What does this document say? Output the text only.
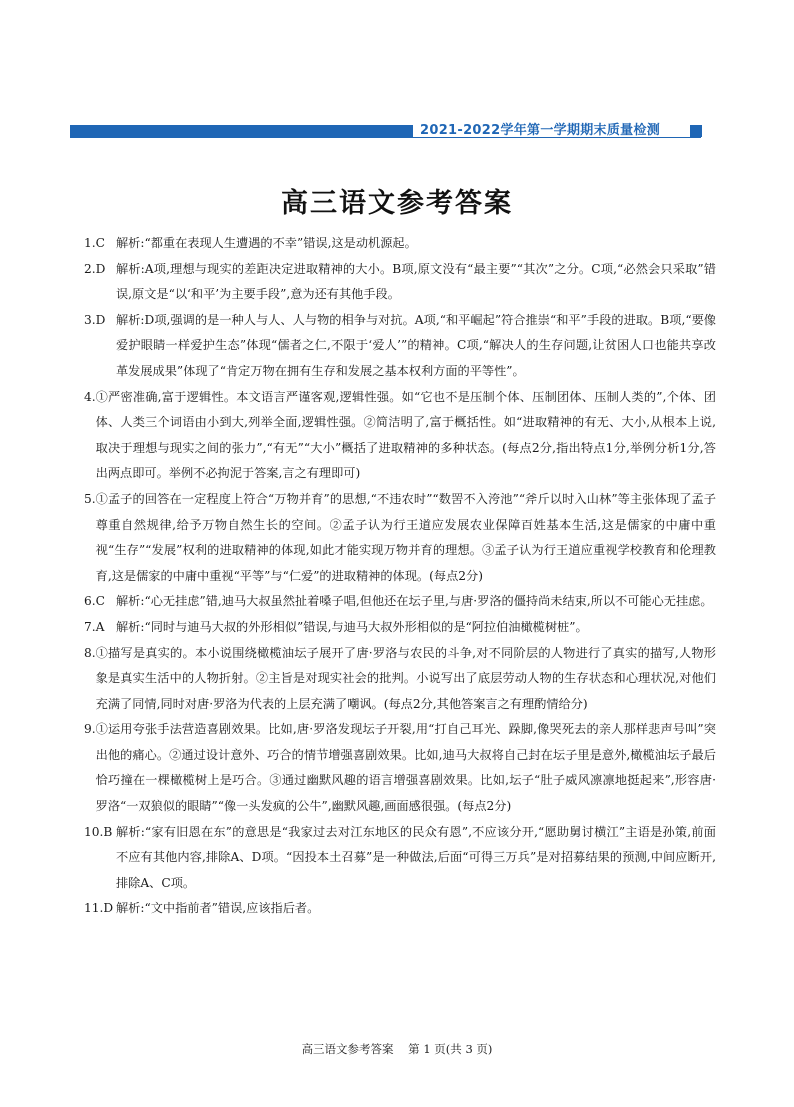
2021-2022学年第一学期期末质量检测
高三语文参考答案
1.C 解析:“都重在表现人生遭遇的不幸”错误,这是动机源起。
2.D 解析:A项,理想与现实的差距决定进取精神的大小。B项,原文没有“最主要”“其次”之分。C项,“必然会只采取”错误,原文是“以‘和平’为主要手段”,意为还有其他手段。
3.D 解析:D项,强调的是一种人与人、人与物的相争与对抗。A项,“和平崛起”符合推崇“和平”手段的进取。B项,“要像爱护眼睛一样爱护生态”体现“儒者之仁,不限于‘爱人’”的精神。C项,“解决人的生存问题,让贫困人口也能共享改革发展成果”体现了“肯定万物在拥有生存和发展之基本权利方面的平等性”。
4. ①严密准确,富于逻辑性。本文语言严谨客观,逻辑性强。如“它也不是压制个体、压制团体、压制人类的”,个体、团体、人类三个词语由小到大,列举全面,逻辑性强。②简洁明了,富于概括性。如“进取精神的有无、大小,从根本上说,取决于理想与现实之间的张力”,“有无”“大小”概括了进取精神的多种状态。(每点2分,指出特点1分,举例分析1分,答出两点即可。举例不必拘泥于答案,言之有理即可)
5. ①孟子的回答在一定程度上符合“万物并育”的思想,“不违农时”“数罟不入洿池”“斧斤以时入山林”等主张体现了孟子尊重自然规律,给予万物自然生长的空间。②孟子认为行王道应发展农业保障百姓基本生活,这是儒家的中庸中重视“生存”“发展”权利的进取精神的体现,如此才能实现万物并育的理想。③孟子认为行王道应重视学校教育和伦理教育,这是儒家的中庸中重视“平等”与“仁爱”的进取精神的体现。(每点2分)
6.C 解析:“心无挂虑”错,迪马大叔虽然扯着嗓子唱,但他还在坛子里,与唐·罗洛的僵持尚未结束,所以不可能心无挂虑。
7.A 解析:“同时与迪马大叔的外形相似”错误,与迪马大叔外形相似的是“阿拉伯油橄榄树桩”。
8. ①描写是真实的。本小说围绕橄榄油坛子展开了唐·罗洛与农民的斗争,对不同阶层的人物进行了真实的描写,人物形象是真实生活中的人物折射。②主旨是对现实社会的批判。小说写出了底层劳动人物的生存状态和心理状况,对他们充满了同情,同时对唐·罗洛为代表的上层充满了嘲讽。(每点2分,其他答案言之有理酌情给分)
9. ①运用夸张手法营造喜剧效果。比如,唐·罗洛发现坛子开裂,用“打自己耳光、跺脚,像哭死去的亲人那样悲声号叫”突出他的痛心。②通过设计意外、巧合的情节增强喜剧效果。比如,迪马大叔将自己封在坛子里是意外,橄榄油坛子最后恰巧撞在一棵橄榄树上是巧合。③通过幽默风趣的语言增强喜剧效果。比如,坛子“肚子威风凛凛地挺起来”,形容唐·罗洛“一双狼似的眼睛”“像一头发疯的公牛”,幽默风趣,画面感很强。(每点2分)
10.B 解析:“家有旧恩在东”的意思是“我家过去对江东地区的民众有恩”,不应该分开,“愿助舅讨横江”主语是孙策,前面不应有其他内容,排除A、D项。“因投本土召募”是一种做法,后面“可得三万兵”是对招募结果的预测,中间应断开,排除A、C项。
11.D 解析:“文中指前者”错误,应该指后者。
高三语文参考答案    第 1 页(共 3 页)
